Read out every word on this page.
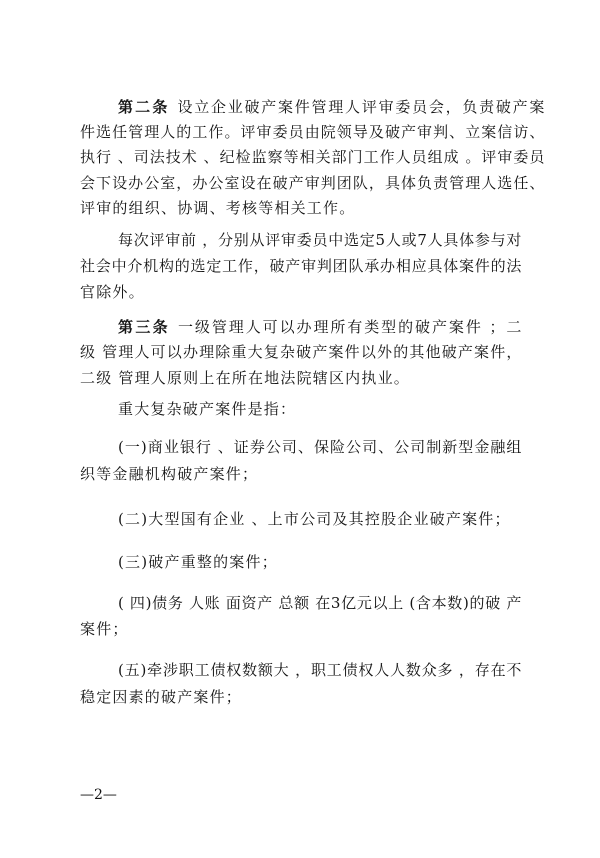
第二条 设立企业破产案件管理人评审委员会，负责破产案
件选任管理人的工作。评审委员由院领导及破产审判、立案信访、
执行 、司法技术 、纪检监察等相关部门工作人员组成 。评审委员
会下设办公室，办公室设在破产审判团队，具体负责管理人选任、
评审的组织、协调、考核等相关工作。
每次评审前 ，分别从评审委员中选定5人或7人具体参与对
社会中介机构的选定工作，破产审判团队承办相应具体案件的法
官除外。
第三条 一级管理人可以办理所有类型的破产案件 ；二
级 管理人可以办理除重大复杂破产案件以外的其他破产案件，
二级 管理人原则上在所在地法院辖区内执业。
重大复杂破产案件是指：
(一)商业银行 、证券公司、保险公司、公司制新型金融组
织等金融机构破产案件；
(二)大型国有企业 、上市公司及其控股企业破产案件；
(三)破产重整的案件；
( 四)债务 人账 面资产 总额 在3亿元以上 (含本数)的破 产
案件；
(五)牵涉职工债权数额大 ，职工债权人人数众多 ，存在不
稳定因素的破产案件；
—2—
